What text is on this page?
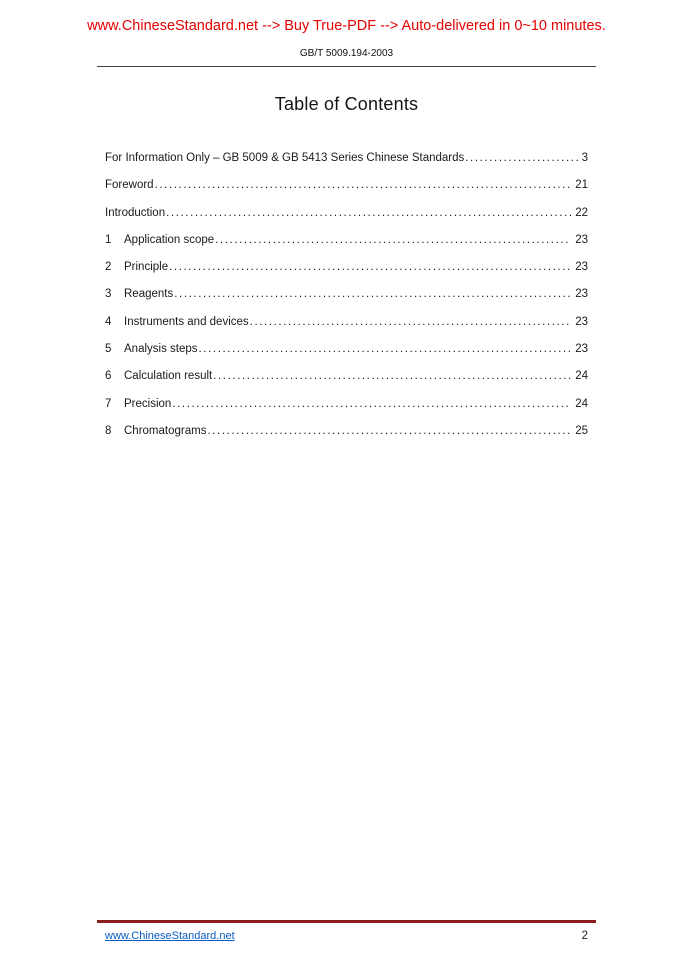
www.ChineseStandard.net --> Buy True-PDF --> Auto-delivered in 0~10 minutes.
GB/T 5009.194-2003
Table of Contents
For Information Only – GB 5009 & GB 5413 Series Chinese Standards .....	3
Foreword .....	21
Introduction .....	22
1	Application scope .....	23
2	Principle .....	23
3	Reagents .....	23
4	Instruments and devices .....	23
5	Analysis steps .....	23
6	Calculation result .....	24
7	Precision .....	24
8	Chromatograms .....	25
www.ChineseStandard.net	2
